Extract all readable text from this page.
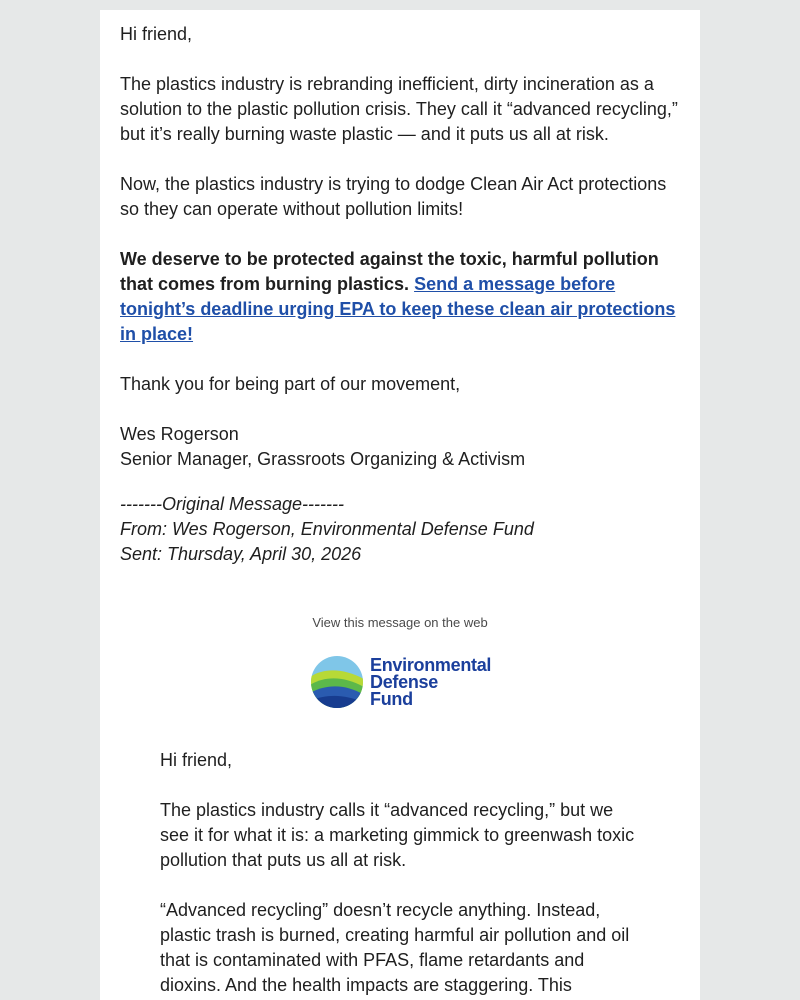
Hi friend,

The plastics industry is rebranding inefficient, dirty incineration as a solution to the plastic pollution crisis. They call it “advanced recycling,” but it’s really burning waste plastic — and it puts us all at risk.

Now, the plastics industry is trying to dodge Clean Air Act protections so they can operate without pollution limits!

We deserve to be protected against the toxic, harmful pollution that comes from burning plastics. Send a message before tonight’s deadline urging EPA to keep these clean air protections in place!

Thank you for being part of our movement,

Wes Rogerson
Senior Manager, Grassroots Organizing & Activism
-------Original Message-------
From: Wes Rogerson, Environmental Defense Fund
Sent: Thursday, April 30, 2026
View this message on the web
Environmental
Defense
Fund

Hi friend,

The plastics industry calls it “advanced recycling,” but we see it for what it is: a marketing gimmick to greenwash toxic pollution that puts us all at risk.

“Advanced recycling” doesn’t recycle anything. Instead, plastic trash is burned, creating harmful air pollution and oil that is contaminated with PFAS, flame retardants and dioxins. And the health impacts are staggering. This
